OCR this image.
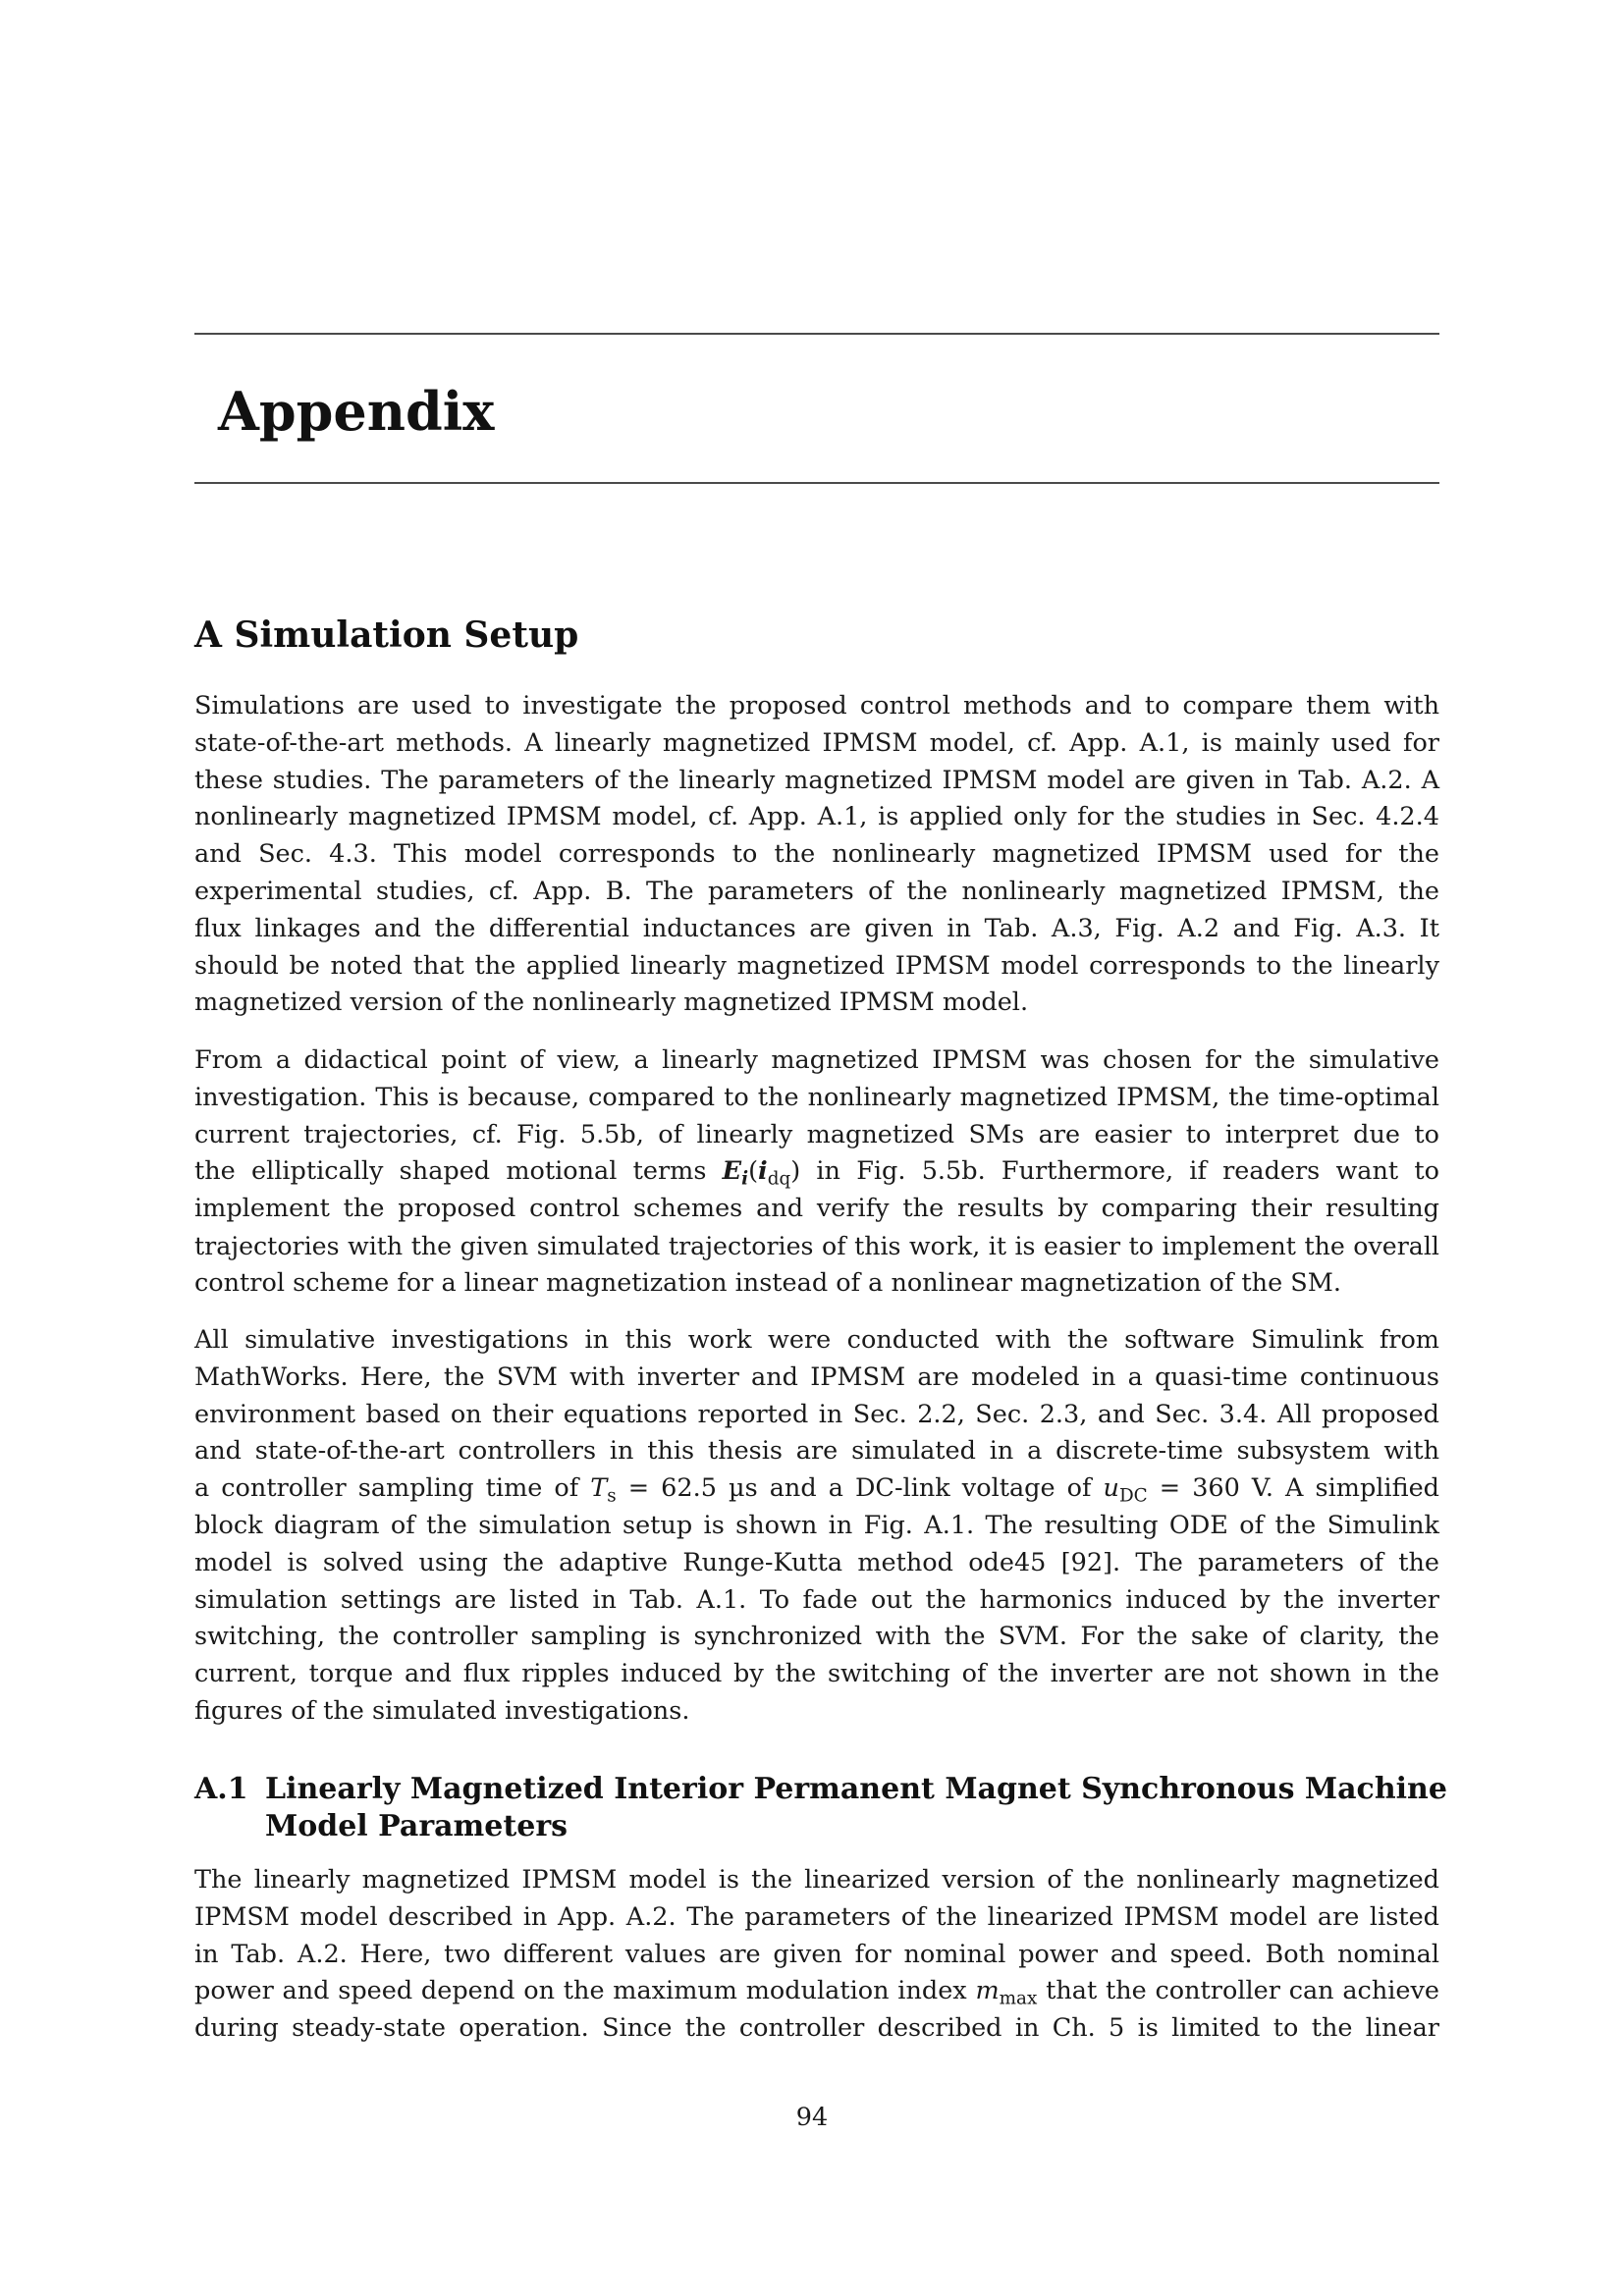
Appendix
A Simulation Setup
Simulations are used to investigate the proposed control methods and to compare them with
state-of-the-art methods. A linearly magnetized IPMSM model, cf. App. A.1, is mainly used for
these studies. The parameters of the linearly magnetized IPMSM model are given in Tab. A.2. A
nonlinearly magnetized IPMSM model, cf. App. A.1, is applied only for the studies in Sec. 4.2.4
and Sec. 4.3. This model corresponds to the nonlinearly magnetized IPMSM used for the
experimental studies, cf. App. B. The parameters of the nonlinearly magnetized IPMSM, the
flux linkages and the differential inductances are given in Tab. A.3, Fig. A.2 and Fig. A.3. It
should be noted that the applied linearly magnetized IPMSM model corresponds to the linearly
magnetized version of the nonlinearly magnetized IPMSM model.
From a didactical point of view, a linearly magnetized IPMSM was chosen for the simulative
investigation. This is because, compared to the nonlinearly magnetized IPMSM, the time-optimal
current trajectories, cf. Fig. 5.5b, of linearly magnetized SMs are easier to interpret due to
the elliptically shaped motional terms $E_i(i_{dq})$ in Fig. 5.5b. Furthermore, if readers want to
implement the proposed control schemes and verify the results by comparing their resulting
trajectories with the given simulated trajectories of this work, it is easier to implement the overall
control scheme for a linear magnetization instead of a nonlinear magnetization of the SM.
All simulative investigations in this work were conducted with the software Simulink from
MathWorks. Here, the SVM with inverter and IPMSM are modeled in a quasi-time continuous
environment based on their equations reported in Sec. 2.2, Sec. 2.3, and Sec. 3.4. All proposed
and state-of-the-art controllers in this thesis are simulated in a discrete-time subsystem with
a controller sampling time of $T_s = 62.5$ µs and a DC-link voltage of $u_{DC} = 360$ V. A simplified
block diagram of the simulation setup is shown in Fig. A.1. The resulting ODE of the Simulink
model is solved using the adaptive Runge-Kutta method ode45 [92]. The parameters of the
simulation settings are listed in Tab. A.1. To fade out the harmonics induced by the inverter
switching, the controller sampling is synchronized with the SVM. For the sake of clarity, the
current, torque and flux ripples induced by the switching of the inverter are not shown in the
figures of the simulated investigations.
A.1 Linearly Magnetized Interior Permanent Magnet Synchronous Machine
Model Parameters
The linearly magnetized IPMSM model is the linearized version of the nonlinearly magnetized
IPMSM model described in App. A.2. The parameters of the linearized IPMSM model are listed
in Tab. A.2. Here, two different values are given for nominal power and speed. Both nominal
power and speed depend on the maximum modulation index $m_{max}$ that the controller can achieve
during steady-state operation. Since the controller described in Ch. 5 is limited to the linear
94
